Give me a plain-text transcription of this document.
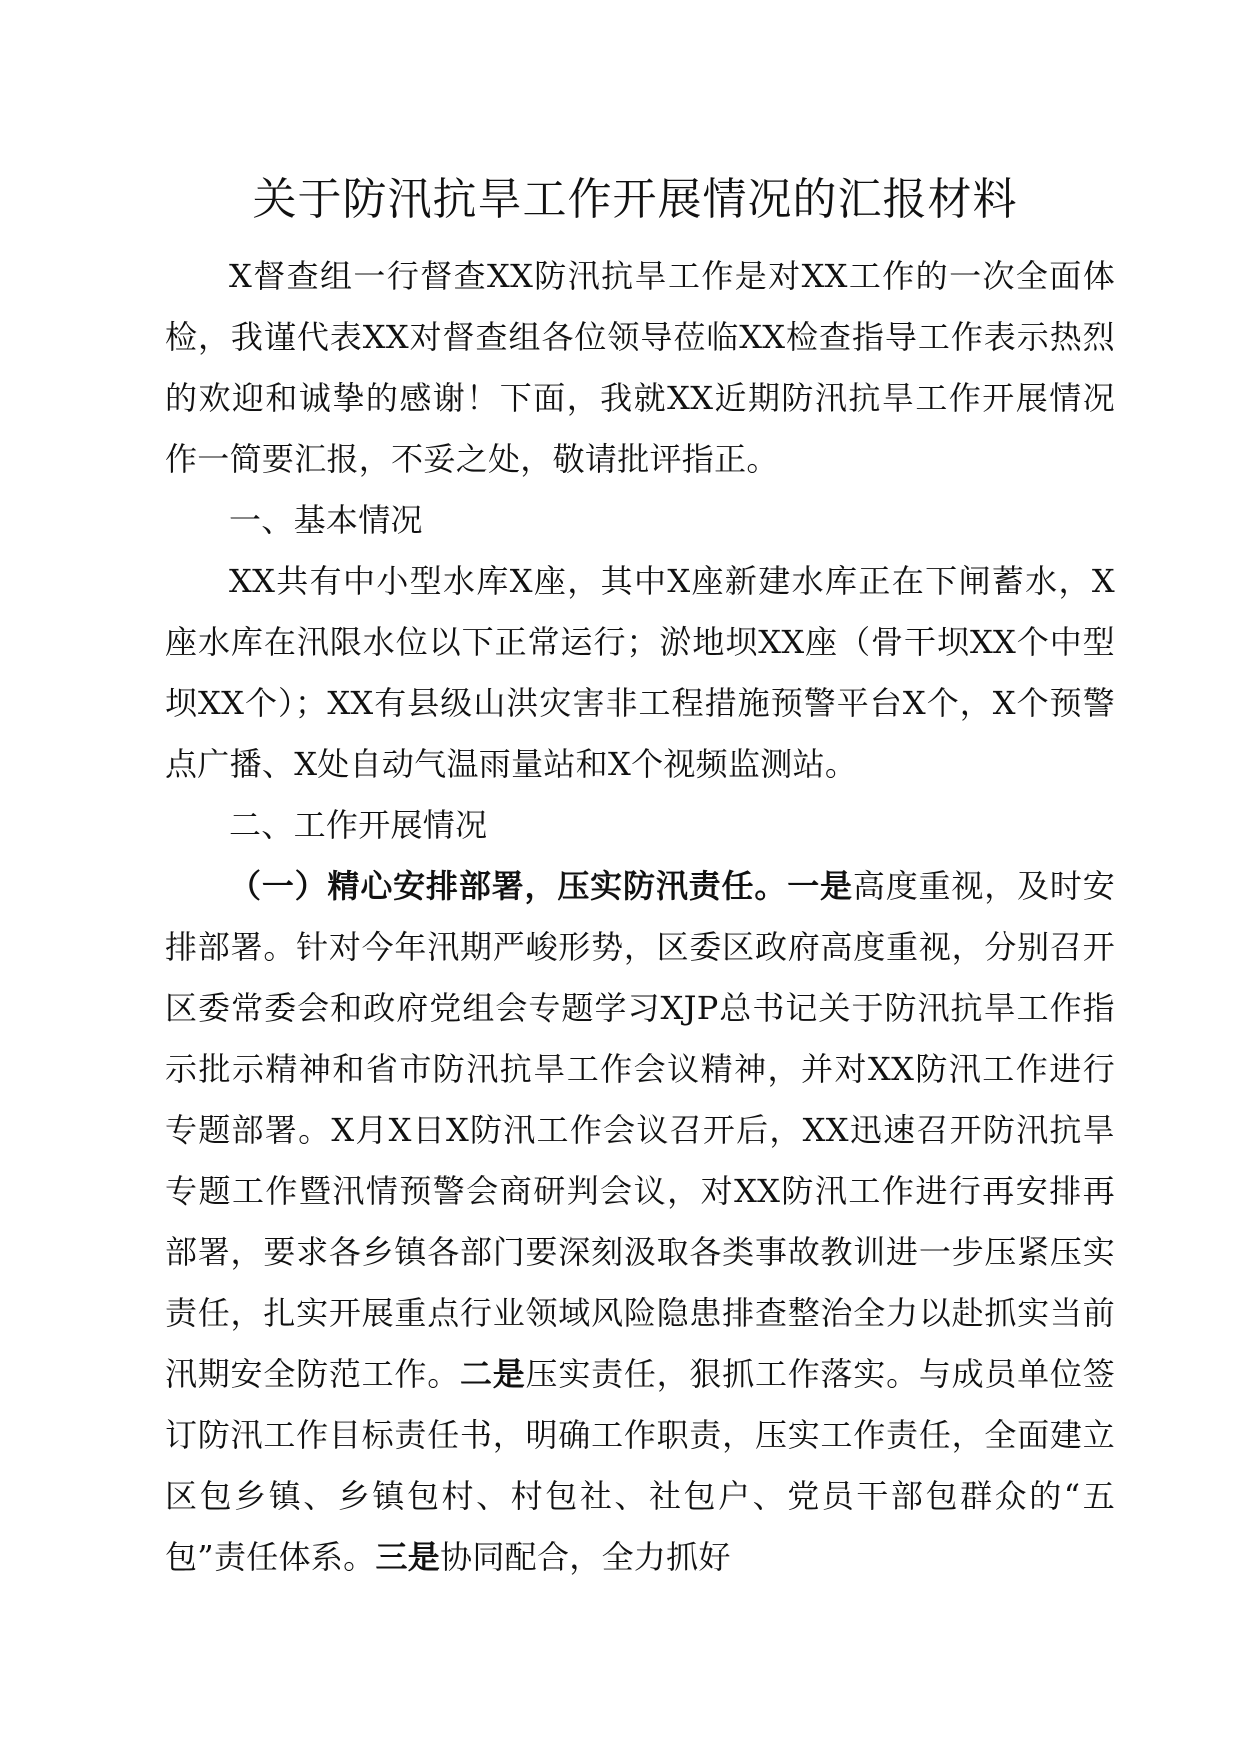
关于防汛抗旱工作开展情况的汇报材料

X督查组一行督查XX防汛抗旱工作是对XX工作的一次全面体检，我谨代表XX对督查组各位领导莅临XX检查指导工作表示热烈的欢迎和诚挚的感谢！下面，我就XX近期防汛抗旱工作开展情况作一简要汇报，不妥之处，敬请批评指正。

一、基本情况

XX共有中小型水库X座，其中X座新建水库正在下闸蓄水，X座水库在汛限水位以下正常运行；淤地坝XX座（骨干坝XX个中型坝XX个）；XX有县级山洪灾害非工程措施预警平台X个，X个预警点广播、X处自动气温雨量站和X个视频监测站。

二、工作开展情况

（一）精心安排部署，压实防汛责任。一是高度重视，及时安排部署。针对今年汛期严峻形势，区委区政府高度重视，分别召开区委常委会和政府党组会专题学习XJP总书记关于防汛抗旱工作指示批示精神和省市防汛抗旱工作会议精神，并对XX防汛工作进行专题部署。X月X日X防汛工作会议召开后，XX迅速召开防汛抗旱专题工作暨汛情预警会商研判会议，对XX防汛工作进行再安排再部署，要求各乡镇各部门要深刻汲取各类事故教训进一步压紧压实责任，扎实开展重点行业领域风险隐患排查整治全力以赴抓实当前汛期安全防范工作。二是压实责任，狠抓工作落实。与成员单位签订防汛工作目标责任书，明确工作职责，压实工作责任，全面建立区包乡镇、乡镇包村、村包社、社包户、党员干部包群众的“五包”责任体系。三是协同配合，全力抓好
